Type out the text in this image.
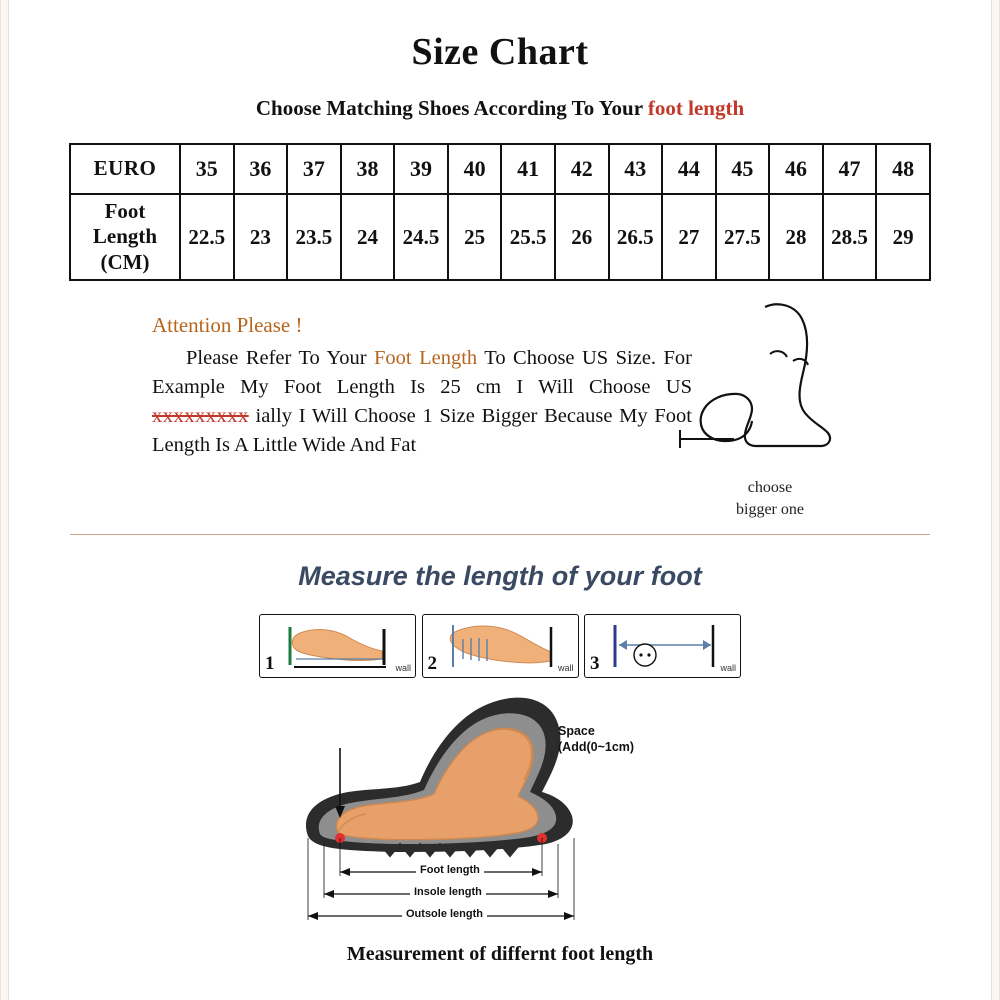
Size Chart
Choose Matching Shoes According To Your foot length
EURO	35	36	37	38	39	40	41	42	43	44	45	46	47	48

Foot
Length
(CM)	22.5	23	23.5	24	24.5	25	25.5	26	26.5	27	27.5	28	28.5	29
Attention Please !
Please Refer To Your Foot Length To Choose US Size. For Example My Foot Length Is 25 cm I Will Choose US xxxxxxxxx ially I Will Choose 1 Size Bigger Because My Foot Length Is A Little Wide And Fat
choose
bigger one
Measure the length of your foot
1	wall 2	wall 3	wall
Space
(Add(0~1cm)
Foot length
Insole length
Outsole length
Measurement of differnt foot length
